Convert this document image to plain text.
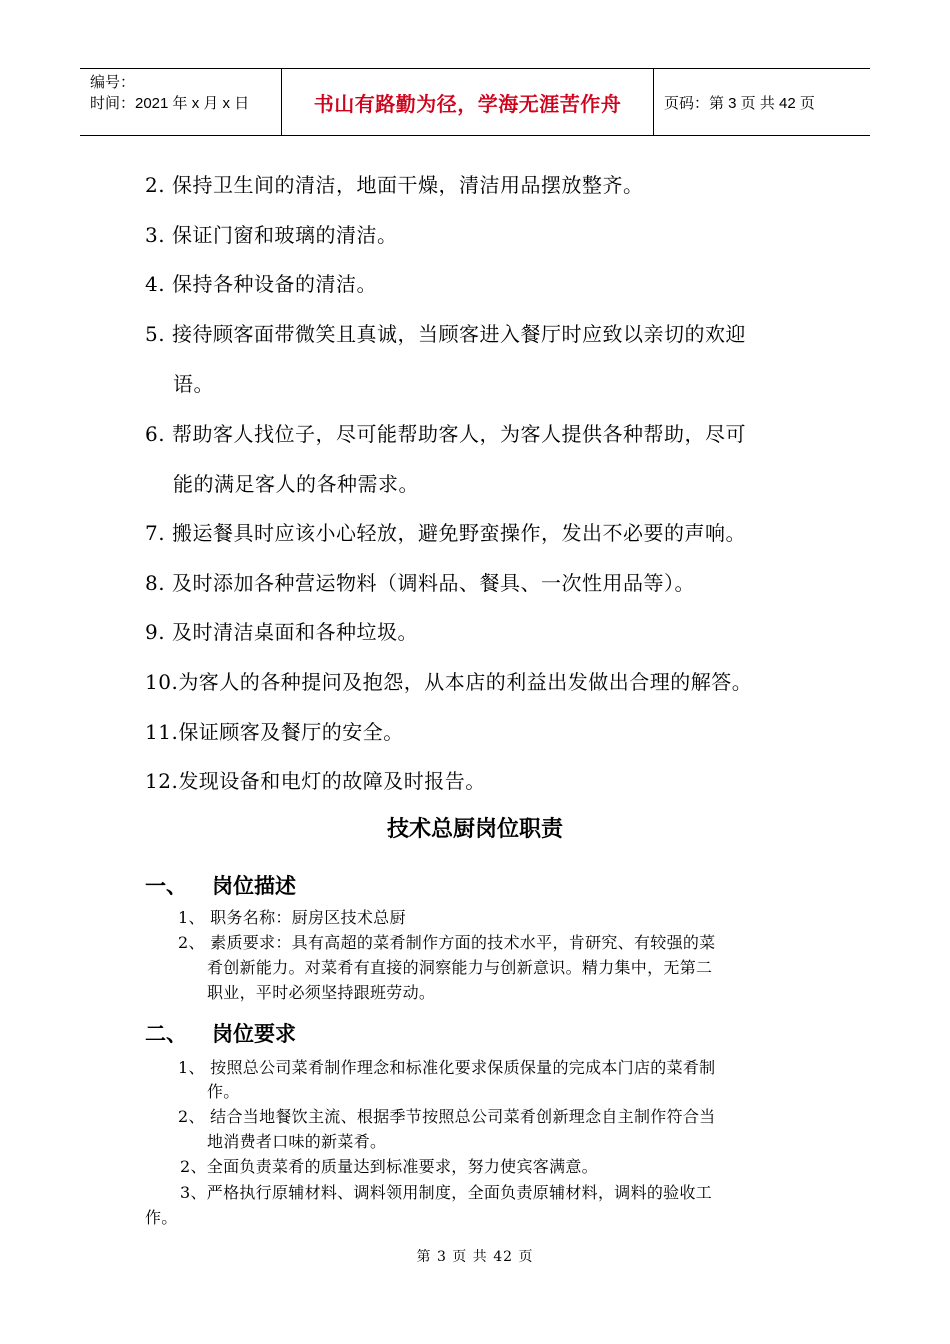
编号：
时间：2021 年 x 月 x 日	书山有路勤为径，学海无涯苦作舟	页码：第 3 页 共 42 页
2. 保持卫生间的清洁，地面干燥，清洁用品摆放整齐。
3. 保证门窗和玻璃的清洁。
4. 保持各种设备的清洁。
5. 接待顾客面带微笑且真诚，当顾客进入餐厅时应致以亲切的欢迎
语。
6. 帮助客人找位子，尽可能帮助客人，为客人提供各种帮助，尽可
能的满足客人的各种需求。
7. 搬运餐具时应该小心轻放，避免野蛮操作，发出不必要的声响。
8. 及时添加各种营运物料（调料品、餐具、一次性用品等）。
9. 及时清洁桌面和各种垃圾。
10.为客人的各种提问及抱怨，从本店的利益出发做出合理的解答。
11.保证顾客及餐厅的安全。
12.发现设备和电灯的故障及时报告。
技术总厨岗位职责
一、 岗位描述
1、 职务名称：厨房区技术总厨
2、 素质要求：具有高超的菜肴制作方面的技术水平，肯研究、有较强的菜
肴创新能力。对菜肴有直接的洞察能力与创新意识。精力集中，无第二
职业，平时必须坚持跟班劳动。
二、 岗位要求
1、 按照总公司菜肴制作理念和标准化要求保质保量的完成本门店的菜肴制
作。
2、 结合当地餐饮主流、根据季节按照总公司菜肴创新理念自主制作符合当
地消费者口味的新菜肴。
2、全面负责菜肴的质量达到标准要求，努力使宾客满意。
3、严格执行原辅材料、调料领用制度，全面负责原辅材料，调料的验收工
作。
第 3 页 共 42 页
